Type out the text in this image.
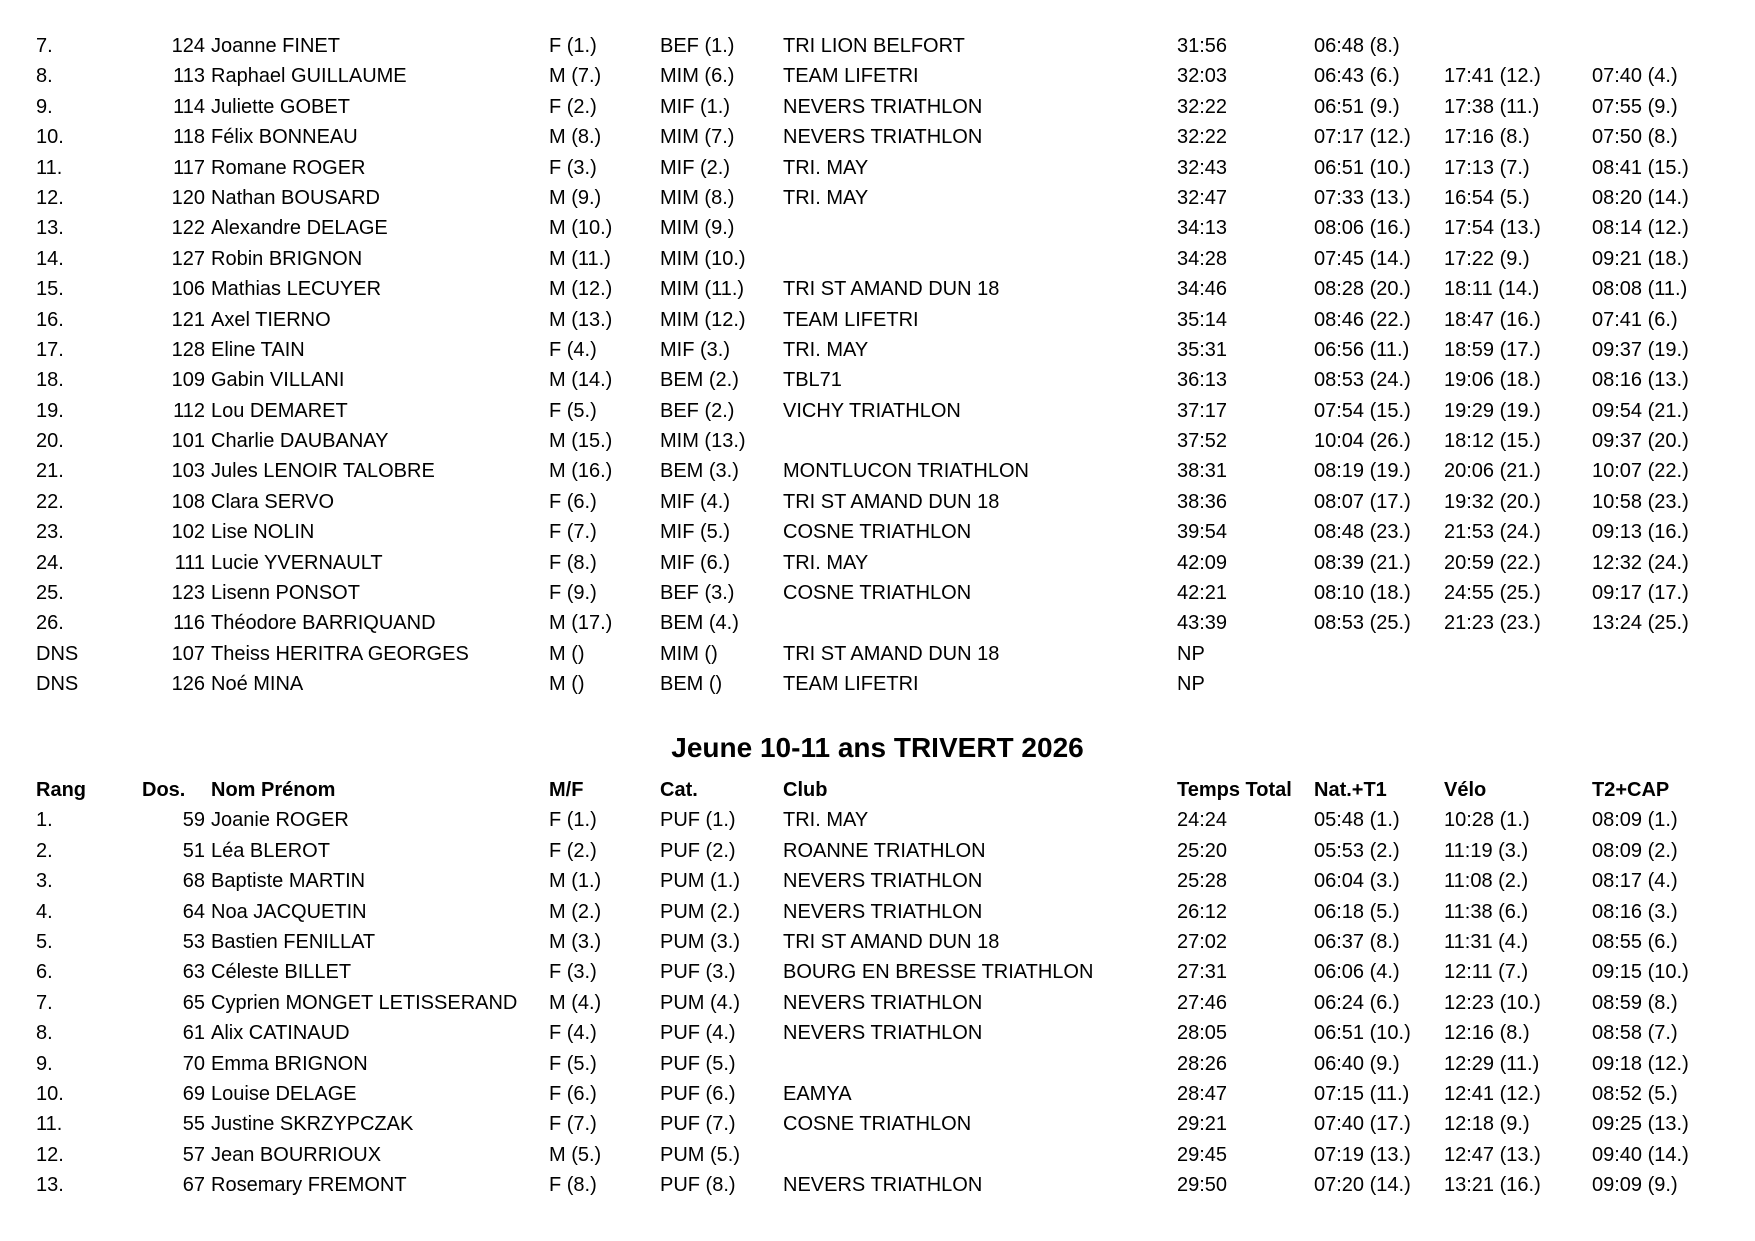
7.	124 Joanne FINET	F (1.)	BEF (1.) TRI LION BELFORT	31:56	06:48 (8.)
8.	113 Raphael GUILLAUME	M (7.)	MIM (6.) TEAM LIFETRI	32:03	06:43 (6.) 17:41 (12.)	07:40 (4.)
9.	114 Juliette GOBET	F (2.)	MIF (1.)	NEVERS TRIATHLON	32:22	06:51 (9.) 17:38 (11.)	07:55 (9.)
10.	118 Félix BONNEAU	M (8.)	MIM (7.) NEVERS TRIATHLON	32:22	07:17 (12.) 17:16 (8.)	07:50 (8.)
11.	117 Romane ROGER	F (3.)	MIF (2.)	TRI. MAY	32:43	06:51 (10.) 17:13 (7.)	08:41 (15.)
12.	120 Nathan BOUSARD	M (9.)	MIM (8.) TRI. MAY	32:47	07:33 (13.) 16:54 (5.)	08:20 (14.)
13.	122 Alexandre DELAGE	M (10.) MIM (9.)	34:13	08:06 (16.) 17:54 (13.)	08:14 (12.)
14.	127 Robin BRIGNON	M (11.) MIM (10.)	34:28	07:45 (14.) 17:22 (9.)	09:21 (18.)
15.	106 Mathias LECUYER	M (12.) MIM (11.) TRI ST AMAND DUN 18	34:46	08:28 (20.) 18:11 (14.)	08:08 (11.)
16.	121 Axel TIERNO	M (13.) MIM (12.) TEAM LIFETRI	35:14	08:46 (22.) 18:47 (16.)	07:41 (6.)
17.	128 Eline TAIN	F (4.)	MIF (3.)	TRI. MAY	35:31	06:56 (11.) 18:59 (17.)	09:37 (19.)
18.	109 Gabin VILLANI	M (14.) BEM (2.) TBL71	36:13	08:53 (24.) 19:06 (18.)	08:16 (13.)
19.	112 Lou DEMARET	F (5.)	BEF (2.) VICHY TRIATHLON	37:17	07:54 (15.) 19:29 (19.)	09:54 (21.)
20.	101 Charlie DAUBANAY	M (15.) MIM (13.)	37:52	10:04 (26.) 18:12 (15.)	09:37 (20.)
21.	103 Jules LENOIR TALOBRE	M (16.) BEM (3.) MONTLUCON TRIATHLON	38:31	08:19 (19.) 20:06 (21.)	10:07 (22.)
22.	108 Clara SERVO	F (6.)	MIF (4.)	TRI ST AMAND DUN 18	38:36	08:07 (17.) 19:32 (20.)	10:58 (23.)
23.	102 Lise NOLIN	F (7.)	MIF (5.)	COSNE TRIATHLON	39:54	08:48 (23.) 21:53 (24.)	09:13 (16.)
24.	111 Lucie YVERNAULT	F (8.)	MIF (6.)	TRI. MAY	42:09	08:39 (21.) 20:59 (22.)	12:32 (24.)
25.	123 Lisenn PONSOT	F (9.)	BEF (3.) COSNE TRIATHLON	42:21	08:10 (18.) 24:55 (25.)	09:17 (17.)
26.	116 Théodore BARRIQUAND	M (17.) BEM (4.)	43:39	08:53 (25.) 21:23 (23.)	13:24 (25.)
DNS	107 Theiss HERITRA GEORGES	M ()	MIM ()	TRI ST AMAND DUN 18	NP
DNS	126 Noé MINA	M ()	BEM ()	TEAM LIFETRI	NP
Jeune 10-11 ans TRIVERT 2026
Rang	Dos. Nom Prénom	M/F	Cat.	Club	Temps Total Nat.+T1	Vélo	T2+CAP
1.	59 Joanie ROGER	F (1.)	PUF (1.) TRI. MAY	24:24	05:48 (1.) 10:28 (1.)	08:09 (1.)
2.	51 Léa BLEROT	F (2.)	PUF (2.) ROANNE TRIATHLON	25:20	05:53 (2.) 11:19 (3.)	08:09 (2.)
3.	68 Baptiste MARTIN	M (1.)	PUM (1.) NEVERS TRIATHLON	25:28	06:04 (3.) 11:08 (2.)	08:17 (4.)
4.	64 Noa JACQUETIN	M (2.)	PUM (2.) NEVERS TRIATHLON	26:12	06:18 (5.) 11:38 (6.)	08:16 (3.)
5.	53 Bastien FENILLAT	M (3.)	PUM (3.) TRI ST AMAND DUN 18	27:02	06:37 (8.) 11:31 (4.)	08:55 (6.)
6.	63 Céleste BILLET	F (3.)	PUF (3.) BOURG EN BRESSE TRIATHLON	27:31	06:06 (4.) 12:11 (7.)	09:15 (10.)
7.	65 Cyprien MONGET LETISSERAND M (4.)	PUM (4.) NEVERS TRIATHLON	27:46	06:24 (6.) 12:23 (10.)	08:59 (8.)
8.	61 Alix CATINAUD	F (4.)	PUF (4.) NEVERS TRIATHLON	28:05	06:51 (10.) 12:16 (8.)	08:58 (7.)
9.	70 Emma BRIGNON	F (5.)	PUF (5.)	28:26	06:40 (9.) 12:29 (11.)	09:18 (12.)
10.	69 Louise DELAGE	F (6.)	PUF (6.) EAMYA	28:47	07:15 (11.) 12:41 (12.)	08:52 (5.)
11.	55 Justine SKRZYPCZAK	F (7.)	PUF (7.) COSNE TRIATHLON	29:21	07:40 (17.) 12:18 (9.)	09:25 (13.)
12.	57 Jean BOURRIOUX	M (5.)	PUM (5.)	29:45	07:19 (13.) 12:47 (13.)	09:40 (14.)
13.	67 Rosemary FREMONT	F (8.)	PUF (8.) NEVERS TRIATHLON	29:50	07:20 (14.) 13:21 (16.)	09:09 (9.)
